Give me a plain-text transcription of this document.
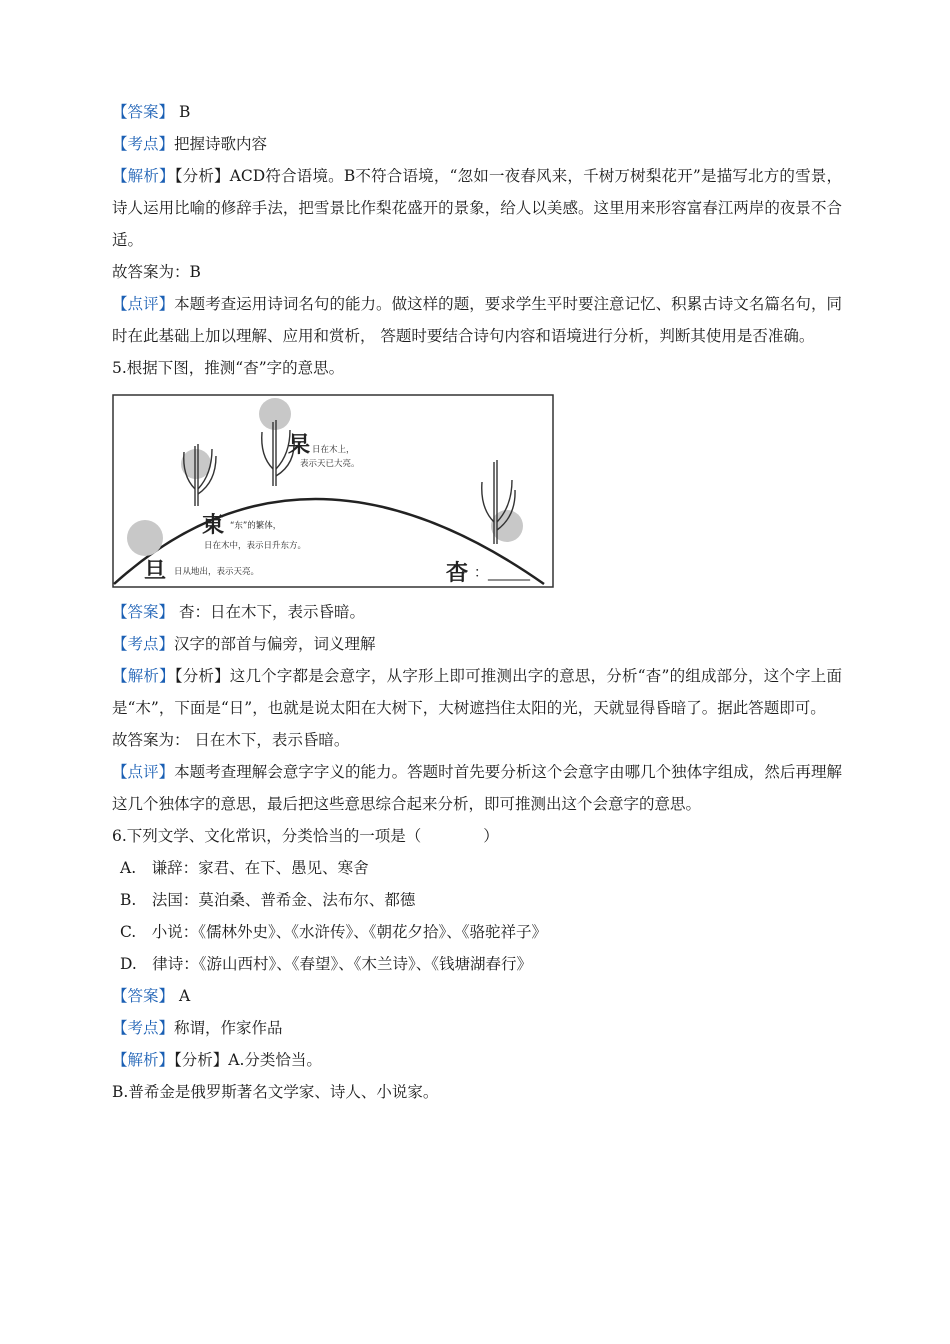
【答案】 B

【考点】把握诗歌内容

【解析】【分析】ACD符合语境。B不符合语境，“忽如一夜春风来，千树万树梨花开”是描写北方的雪景，诗人运用比喻的修辞手法，把雪景比作梨花盛开的景象，给人以美感。这里用来形容富春江两岸的夜景不合适。

故答案为：B

【点评】本题考查运用诗词名句的能力。做这样的题，要求学生平时要注意记忆、积累古诗文名篇名句，同时在此基础上加以理解、应用和赏析， 答题时要结合诗句内容和语境进行分析，判断其使用是否准确。

5.根据下图，推测“杳”字的意思。

杲 日在木上，
表示天已大亮。
東 “东”的繁体，
日在木中，表示日升东方。
旦 日从地出，表示天亮。	杳 ：______

【答案】 杳：日在木下，表示昏暗。

【考点】汉字的部首与偏旁，词义理解

【解析】【分析】这几个字都是会意字，从字形上即可推测出字的意思，分析“杳”的组成部分，这个字上面是“木”，下面是“日”，也就是说太阳在大树下，大树遮挡住太阳的光，天就显得昏暗了。据此答题即可。

故答案为： 日在木下，表示昏暗。

【点评】本题考查理解会意字字义的能力。答题时首先要分析这个会意字由哪几个独体字组成，然后再理解这几个独体字的意思，最后把这些意思综合起来分析，即可推测出这个会意字的意思。

6.下列文学、文化常识，分类恰当的一项是（　　　　）

A.　谦辞：家君、在下、愚见、寒舍

B.　法国：莫泊桑、普希金、法布尔、都德

C.　小说：《儒林外史》、《水浒传》、《朝花夕拾》、《骆驼祥子》

D.　律诗：《游山西村》、《春望》、《木兰诗》、《钱塘湖春行》

【答案】 A

【考点】称谓，作家作品

【解析】【分析】A.分类恰当。

B.普希金是俄罗斯著名文学家、诗人、小说家。
